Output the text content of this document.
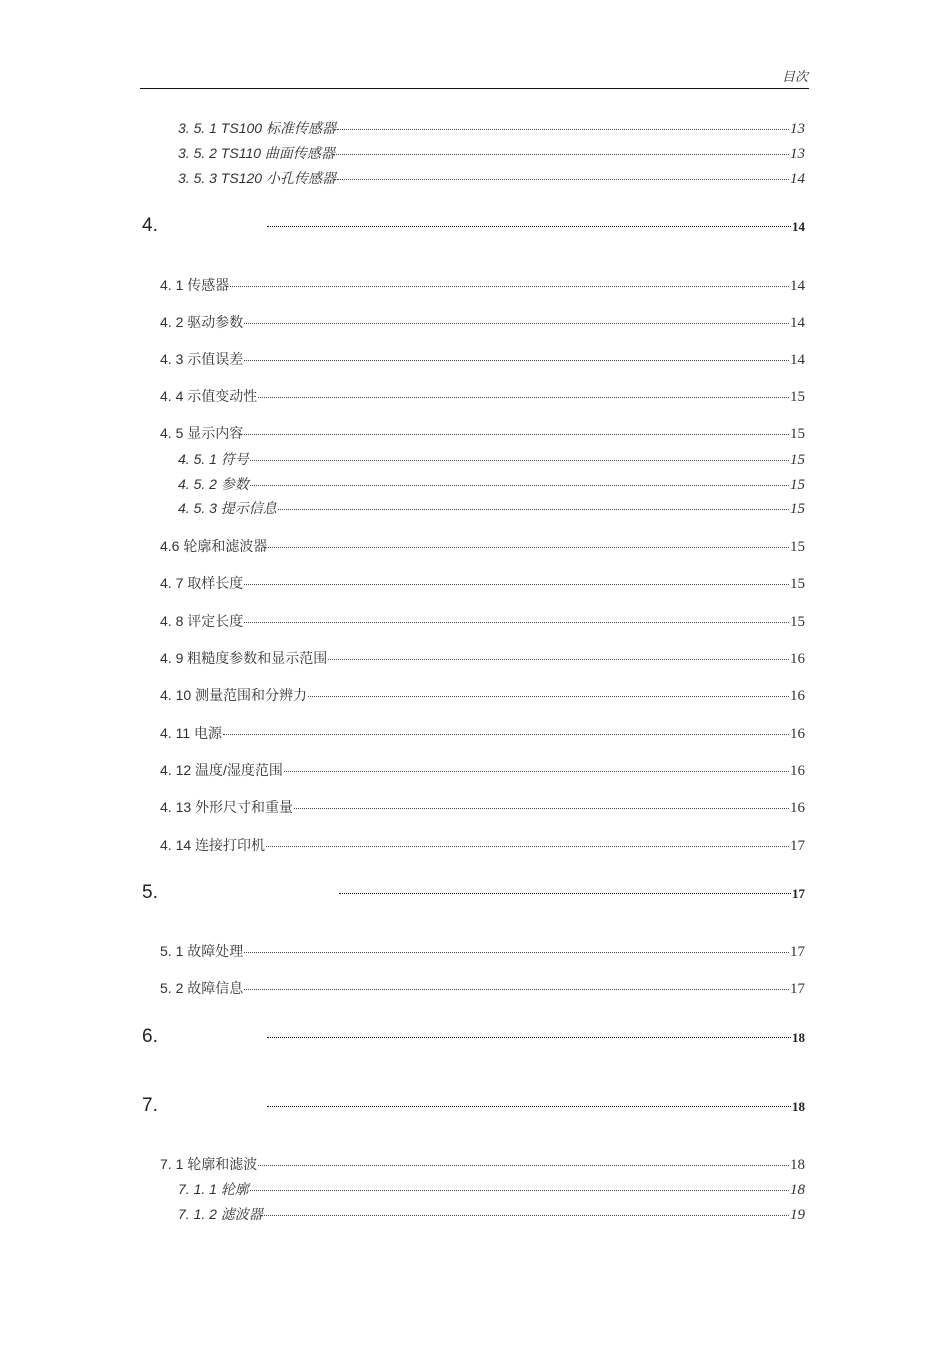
目次
3. 5. 1 TS100 标准传感器	13
3. 5. 2 TS110 曲面传感器	13
3. 5. 3 TS120 小孔传感器	14
4.	14
4. 1 传感器	14
4. 2 驱动参数	14
4. 3 示值误差	14
4. 4 示值变动性	15
4. 5 显示内容	15
4. 5. 1 符号	15
4. 5. 2 参数	15
4. 5. 3 提示信息	15
4.6 轮廓和滤波器	15
4. 7 取样长度	15
4. 8 评定长度	15
4. 9 粗糙度参数和显示范围	16
4. 10 测量范围和分辨力	16
4. 11 电源	16
4. 12 温度/湿度范围	16
4. 13 外形尺寸和重量	16
4. 14 连接打印机	17
5.	17
5. 1 故障处理	17
5. 2 故障信息	17
6.	18
7.	18
7. 1 轮廓和滤波	18
7. 1. 1 轮廓	18
7. 1. 2 滤波器	19
